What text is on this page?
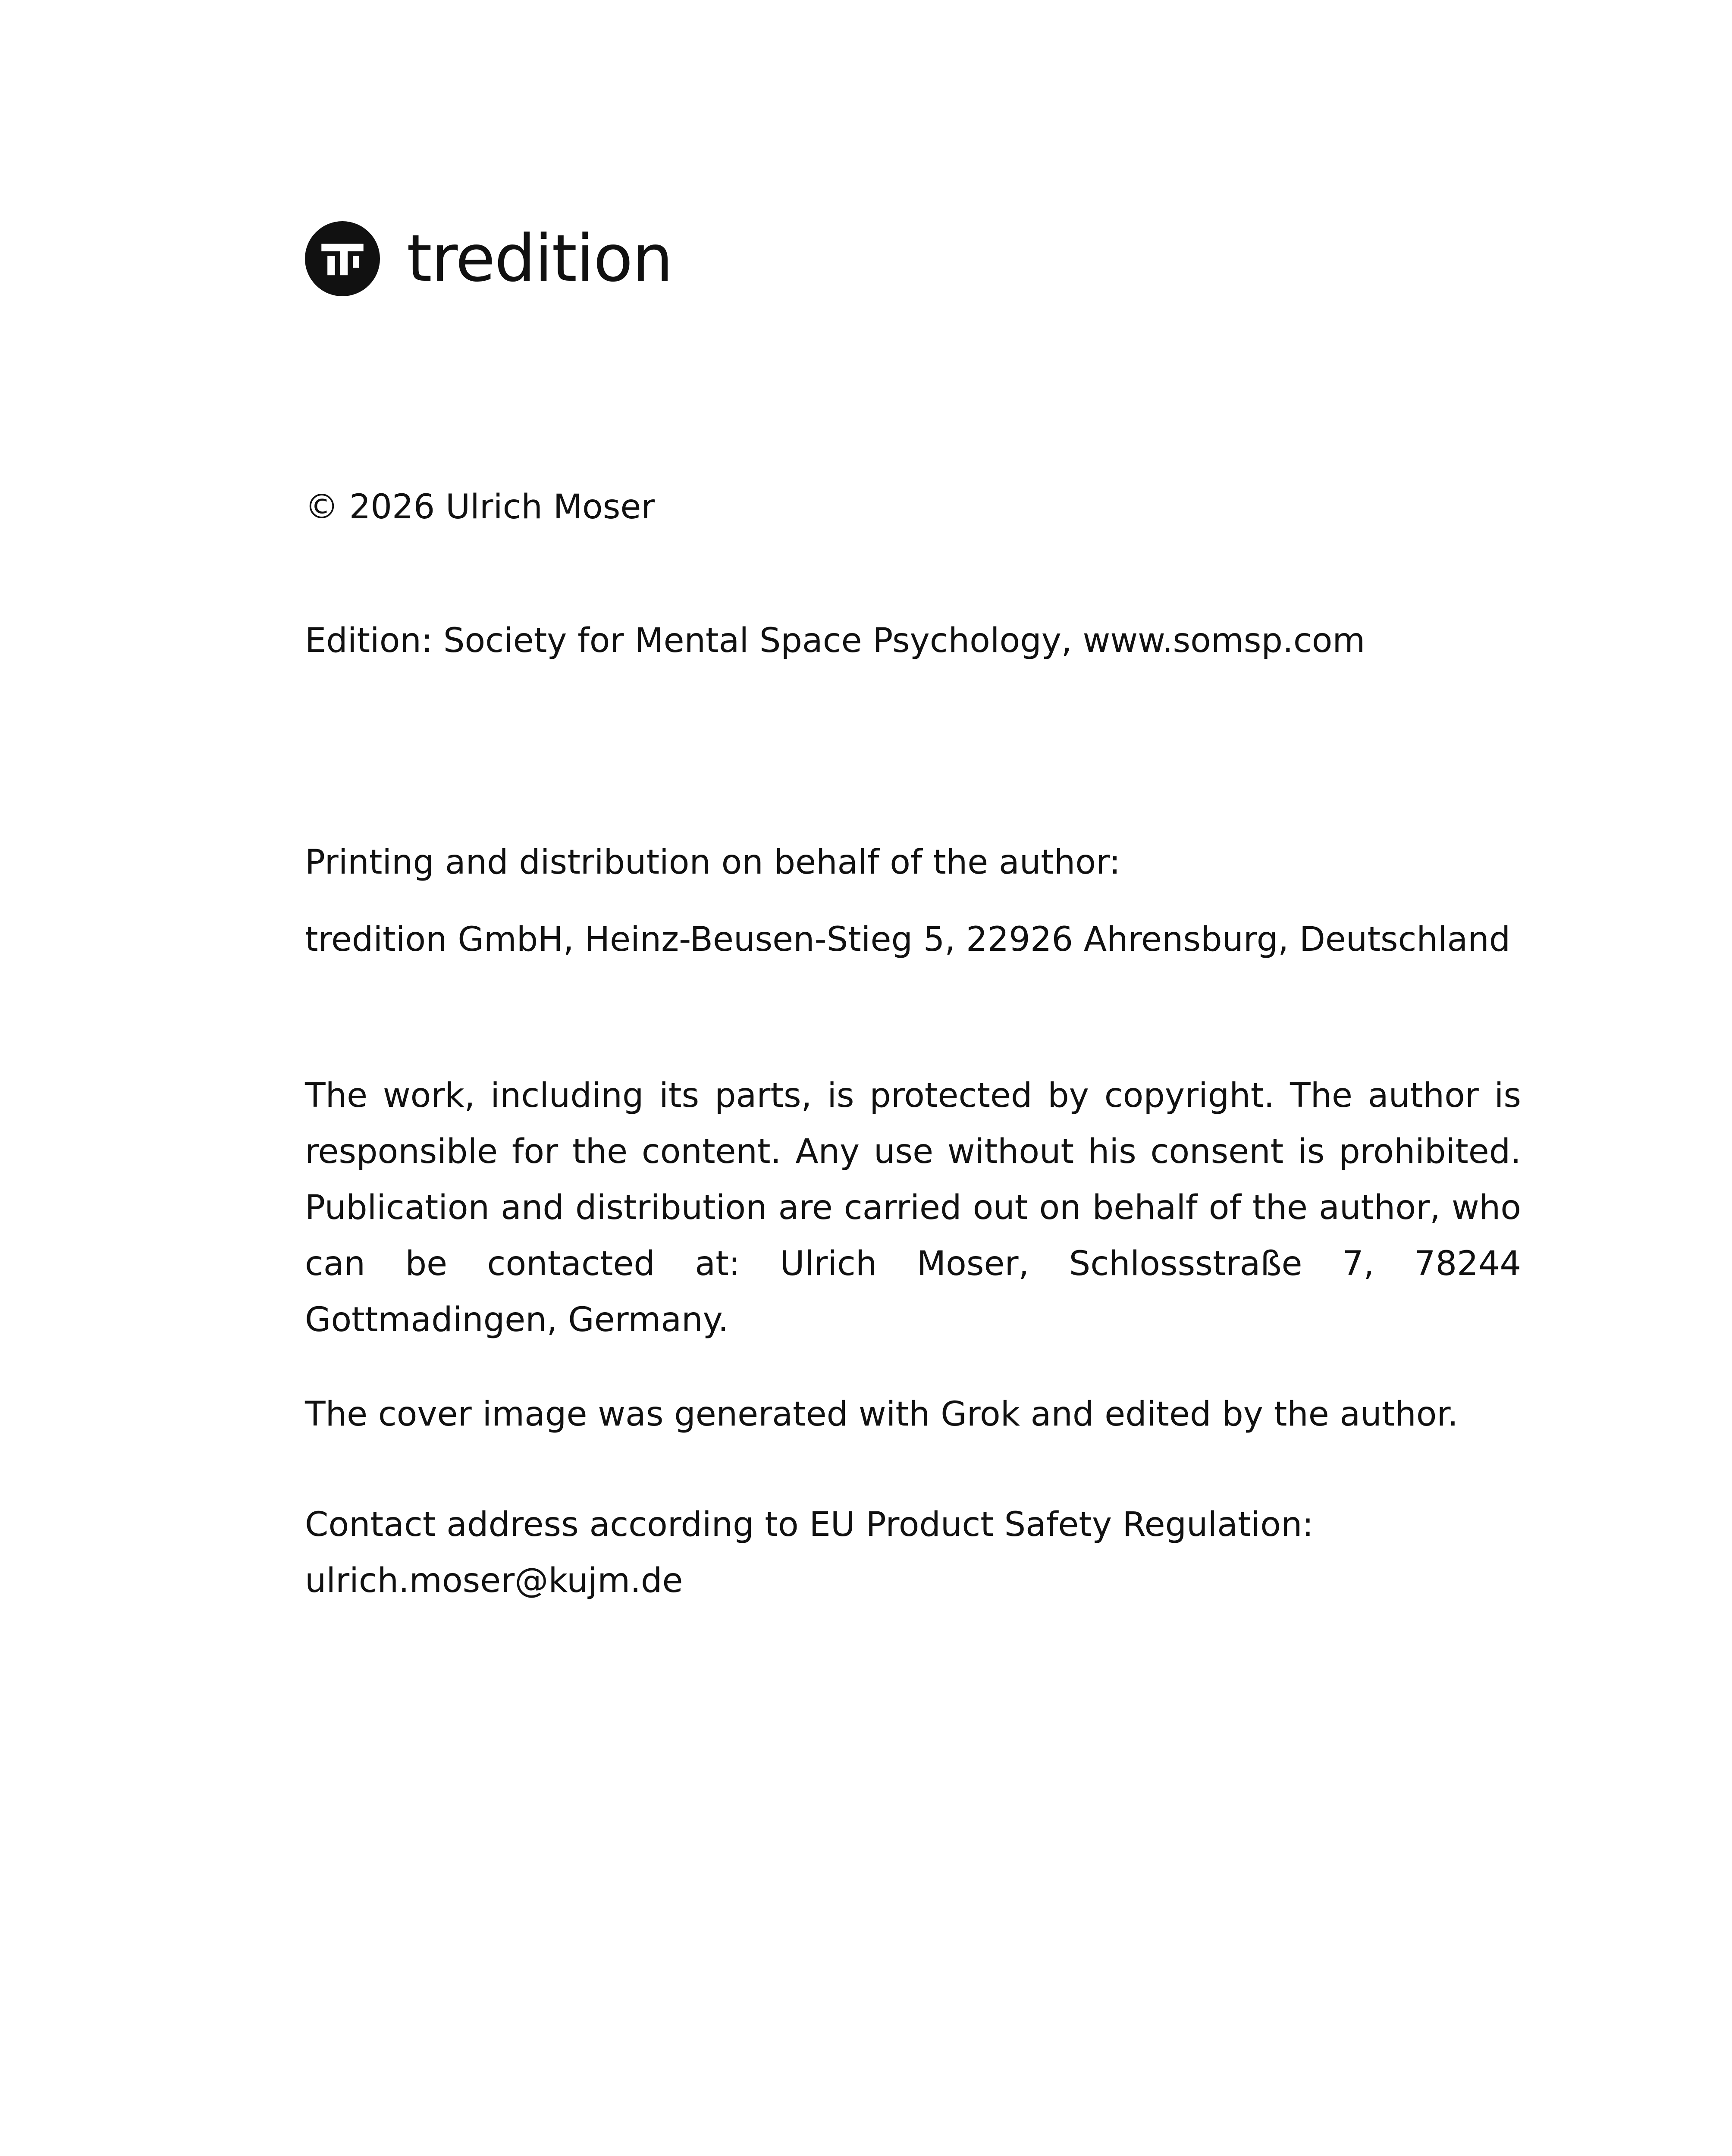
tredition
© 2026 Ulrich Moser
Edition: Society for Mental Space Psychology, www.somsp.com
Printing and distribution on behalf of the author:
tredition GmbH, Heinz-Beusen-Stieg 5, 22926 Ahrensburg, Deutschland
The work, including its parts, is protected by copyright. The author is responsible for the content. Any use without his consent is prohibited. Publication and distribution are carried out on behalf of the author, who can be contacted at: Ulrich Moser, Schlossstraße 7, 78244 Gottmadingen, Germany.
The cover image was generated with Grok and edited by the author.
Contact address according to EU Product Safety Regulation:
ulrich.moser@kujm.de
